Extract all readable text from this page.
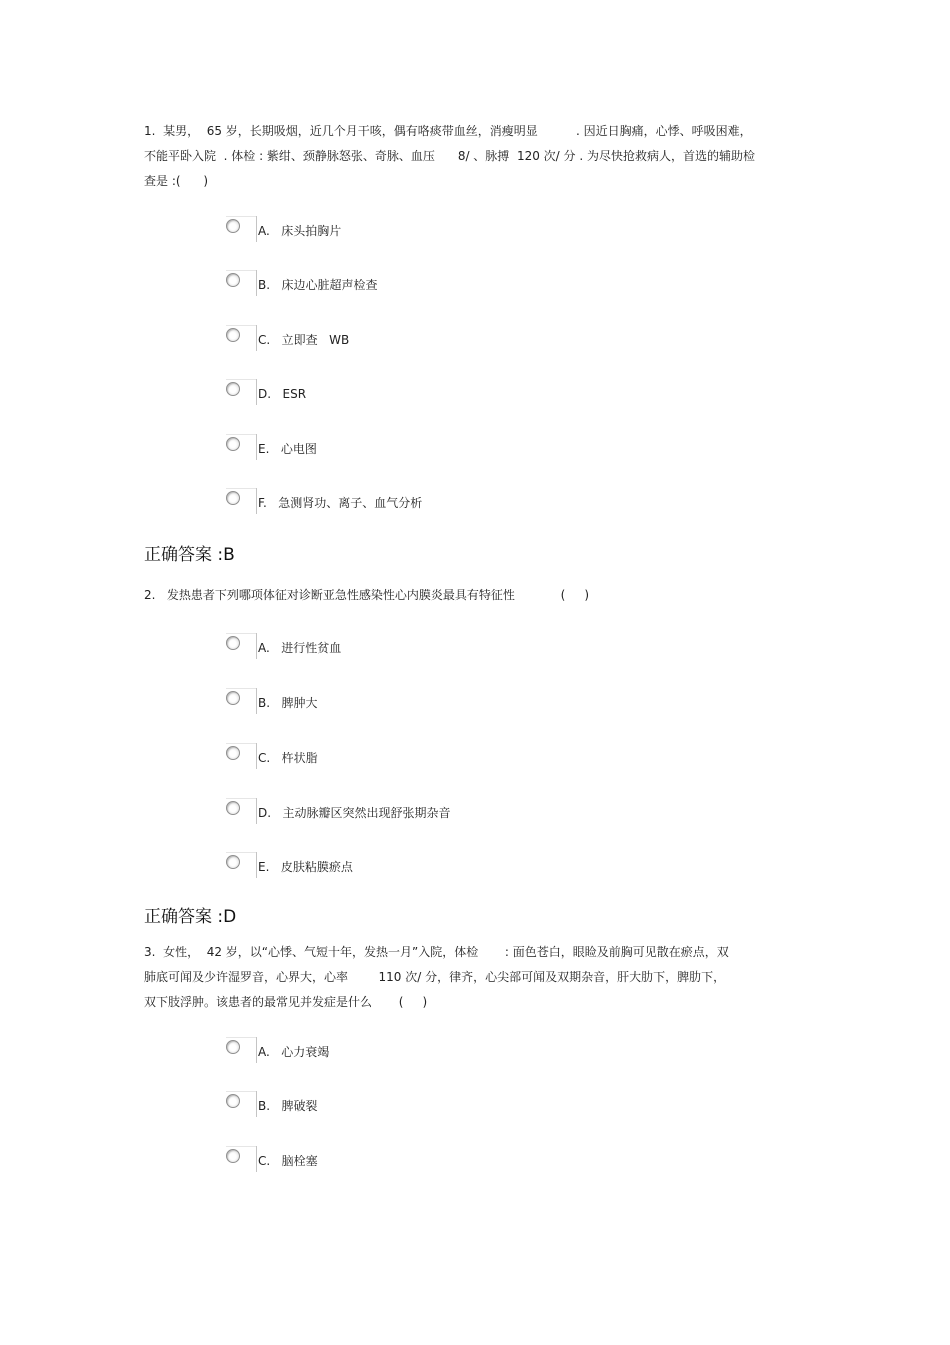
1.  某男，  65 岁，长期吸烟，近几个月干咳，偶有咯痰带血丝，消瘦明显          . 因近日胸痛，心悸、呼吸困难，
不能平卧入院  . 体检 : 紫绀、颈静脉怒张、奇脉、血压      8/ 、脉搏  120 次/ 分 . 为尽快抢救病人，首选的辅助检
查是 :(      )
A.   床头拍胸片
B.   床边心脏超声检查
C.   立即查   WB
D.   ESR
E.   心电图
F.   急测肾功、离子、血气分析
正确答案 :B
2.   发热患者下列哪项体征对诊断亚急性感染性心内膜炎最具有特征性            (     )
A.   进行性贫血
B.   脾肿大
C.   杵状脂
D.   主动脉瓣区突然出现舒张期杂音
E.   皮肤粘膜瘀点
正确答案 :D
3.  女性，  42 岁，以“心悸、气短十年，发热一月”入院，体检       : 面色苍白，眼睑及前胸可见散在瘀点，双
肺底可闻及少许湿罗音，心界大，心率        110 次/ 分，律齐，心尖部可闻及双期杂音，肝大肋下，脾肋下，
双下肢浮肿。该患者的最常见并发症是什么       (     )
A.   心力衰竭
B.   脾破裂
C.   脑栓塞
